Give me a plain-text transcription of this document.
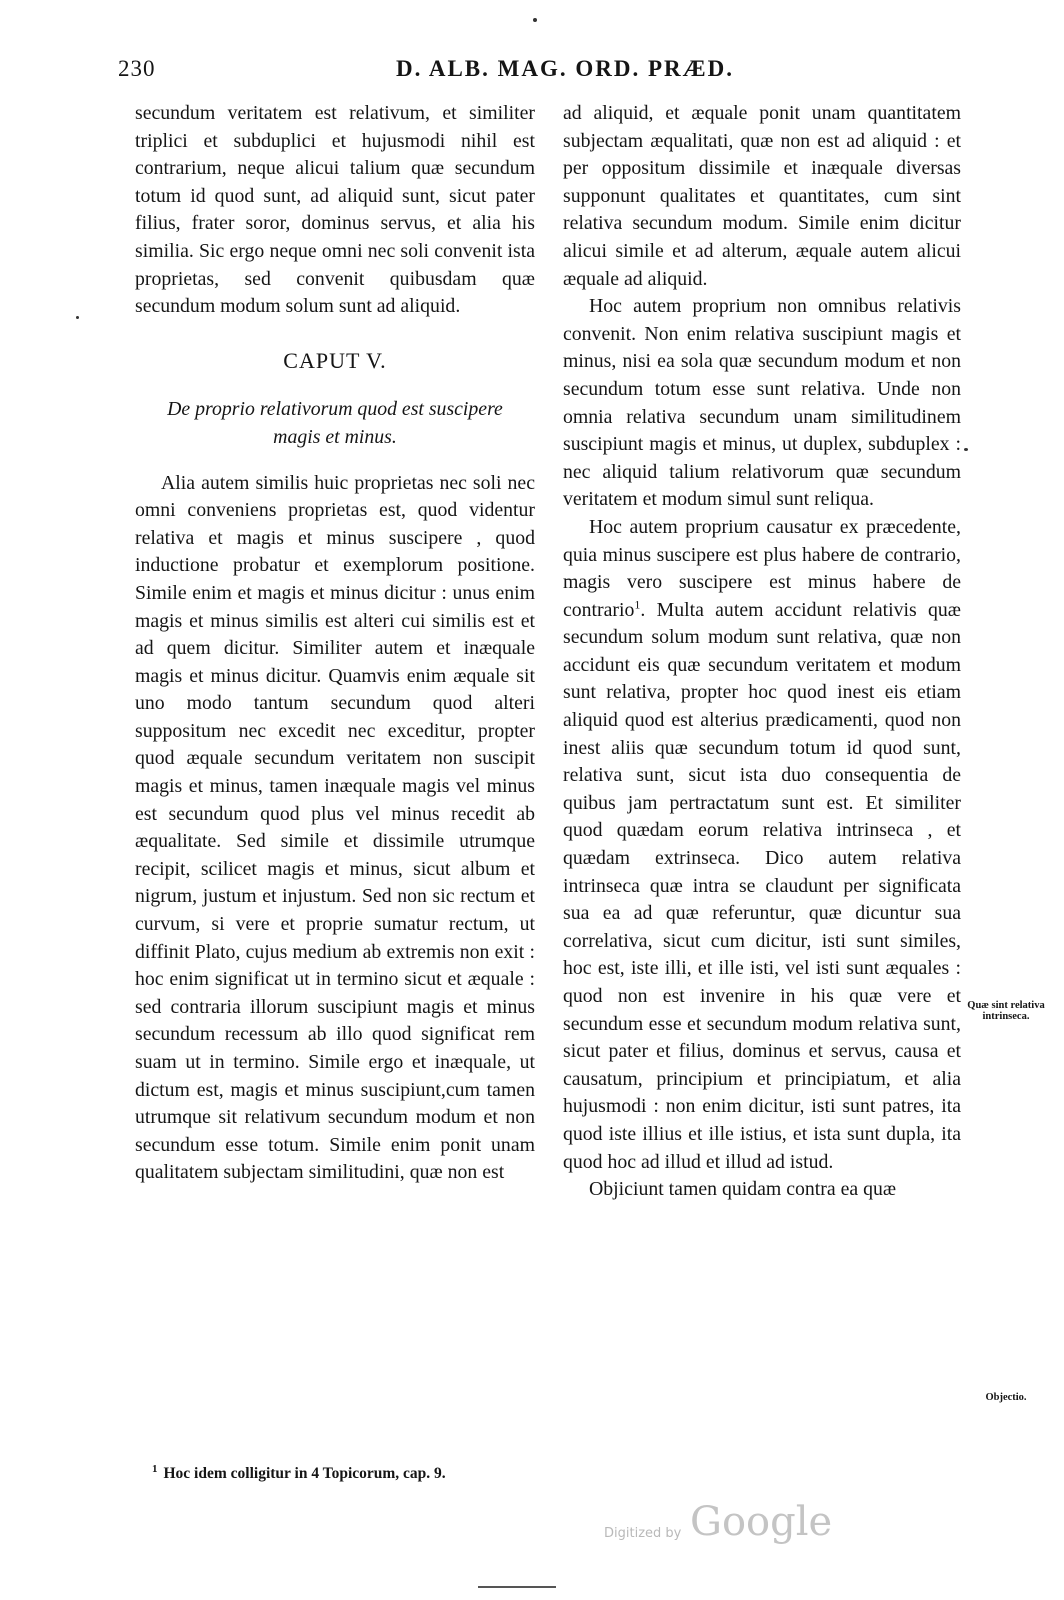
230	D. ALB. MAG. ORD. PRÆD.

secundum veritatem est relativum, et similiter triplici et subduplici et hujusmodi nihil est contrarium, neque alicui talium quæ secundum totum id quod sunt, ad aliquid sunt, sicut pater filius, frater soror, dominus servus, et alia his similia. Sic ergo neque omni nec soli convenit ista proprietas, sed convenit quibusdam quæ secundum modum solum sunt ad aliquid.

CAPUT V.
De proprio relativorum quod est suscipere magis et minus.

Alia autem similis huic proprietas nec soli nec omni conveniens proprietas est, quod videntur relativa et magis et minus suscipere , quod inductione probatur et exemplorum positione. Simile enim et magis et minus dicitur : unus enim magis et minus similis est alteri cui similis est et ad quem dicitur. Similiter autem et inæquale magis et minus dicitur. Quamvis enim æquale sit uno modo tantum secundum quod alteri suppositum nec excedit nec exceditur, propter quod æquale secundum veritatem non suscipit magis et minus, tamen inæquale magis vel minus est secundum quod plus vel minus recedit ab æqualitate. Sed simile et dissimile utrumque recipit, scilicet magis et minus, sicut album et nigrum, justum et injustum. Sed non sic rectum et curvum, si vere et proprie sumatur rectum, ut diffinit Plato, cujus medium ab extremis non exit : hoc enim significat ut in termino sicut et æquale : sed contraria illorum suscipiunt magis et minus secundum recessum ab illo quod significat rem suam ut in termino. Simile ergo et inæquale, ut dictum est, magis et minus suscipiunt,cum tamen utrumque sit relativum secundum modum et non secundum esse totum. Simile enim ponit unam qualitatem subjectam similitudini, quæ non est

ad aliquid, et æquale ponit unam quantitatem subjectam æqualitati, quæ non est ad aliquid : et per oppositum dissimile et inæquale diversas supponunt qualitates et quantitates, cum sint relativa secundum modum. Simile enim dicitur alicui simile et ad alterum, æquale autem alicui æquale ad aliquid.

Hoc autem proprium non omnibus relativis convenit. Non enim relativa suscipiunt magis et minus, nisi ea sola quæ secundum modum et non secundum totum esse sunt relativa. Unde non omnia relativa secundum unam similitudinem suscipiunt magis et minus, ut duplex, subduplex : nec aliquid talium relativorum quæ secundum veritatem et modum simul sunt reliqua.

Hoc autem proprium causatur ex præcedente, quia minus suscipere est plus habere de contrario, magis vero suscipere est minus habere de contrario$^1$. Multa autem accidunt relativis quæ secundum solum modum sunt relativa, quæ non accidunt eis quæ secundum veritatem et modum sunt relativa, propter hoc quod inest eis etiam aliquid quod est alterius prædicamenti, quod non inest aliis quæ secundum totum id quod sunt, relativa sunt, sicut ista duo consequentia de quibus jam pertractatum sunt est. Et similiter quod quædam eorum relativa intrinseca , et quædam extrinseca. Dico autem relativa intrinseca quæ intra se claudunt per significata sua ea ad quæ referuntur, quæ dicuntur sua correlativa, sicut cum dicitur, isti sunt similes, hoc est, iste illi, et ille isti, vel isti sunt æquales : quod non est invenire in his quæ vere et secundum esse et secundum modum relativa sunt, sicut pater et filius, dominus et servus, causa et causatum, principium et principiatum, et alia hujusmodi : non enim dicitur, isti sunt patres, ita quod iste illius et ille istius, et ista sunt dupla, ita quod hoc ad illud et illud ad istud.

Objiciunt tamen quidam contra ea quæ

Quæ sint relativa intrinseca.
Objectio.
$^1$ Hoc idem colligitur in 4 Topicorum, cap. 9.
Digitized by Google
